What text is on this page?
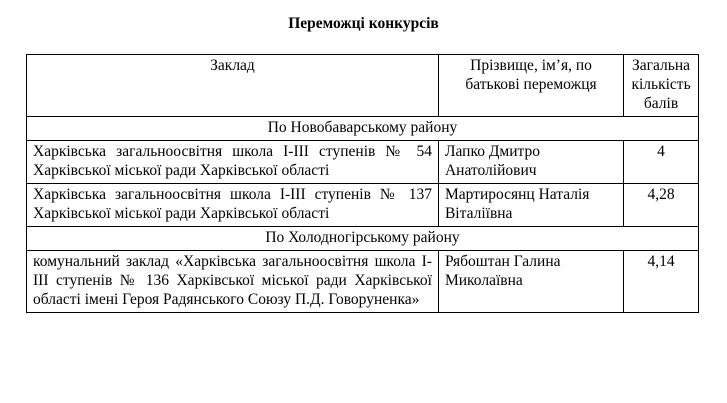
Переможці конкурсів
Заклад	Прізвище, ім’я, по батькові переможця	Загальна кількість балів
По Новобаварському району		
Харківська загальноосвітня школа І-ІІІ ступенів № 54 Харківської міської ради Харківської області	Лапко Дмитро Анатолійович	4
Харківська загальноосвітня школа І-ІІІ ступенів № 137 Харківської міської ради Харківської області	Мартиросянц Наталія Віталіївна	4,28
По Холодногірському району		
комунальний заклад «Харківська загальноосвітня школа І-ІІІ ступенів № 136 Харківської міської ради Харківської області імені Героя Радянського Союзу П.Д. Говоруненка»	Рябоштан Галина Миколаївна	4,14
